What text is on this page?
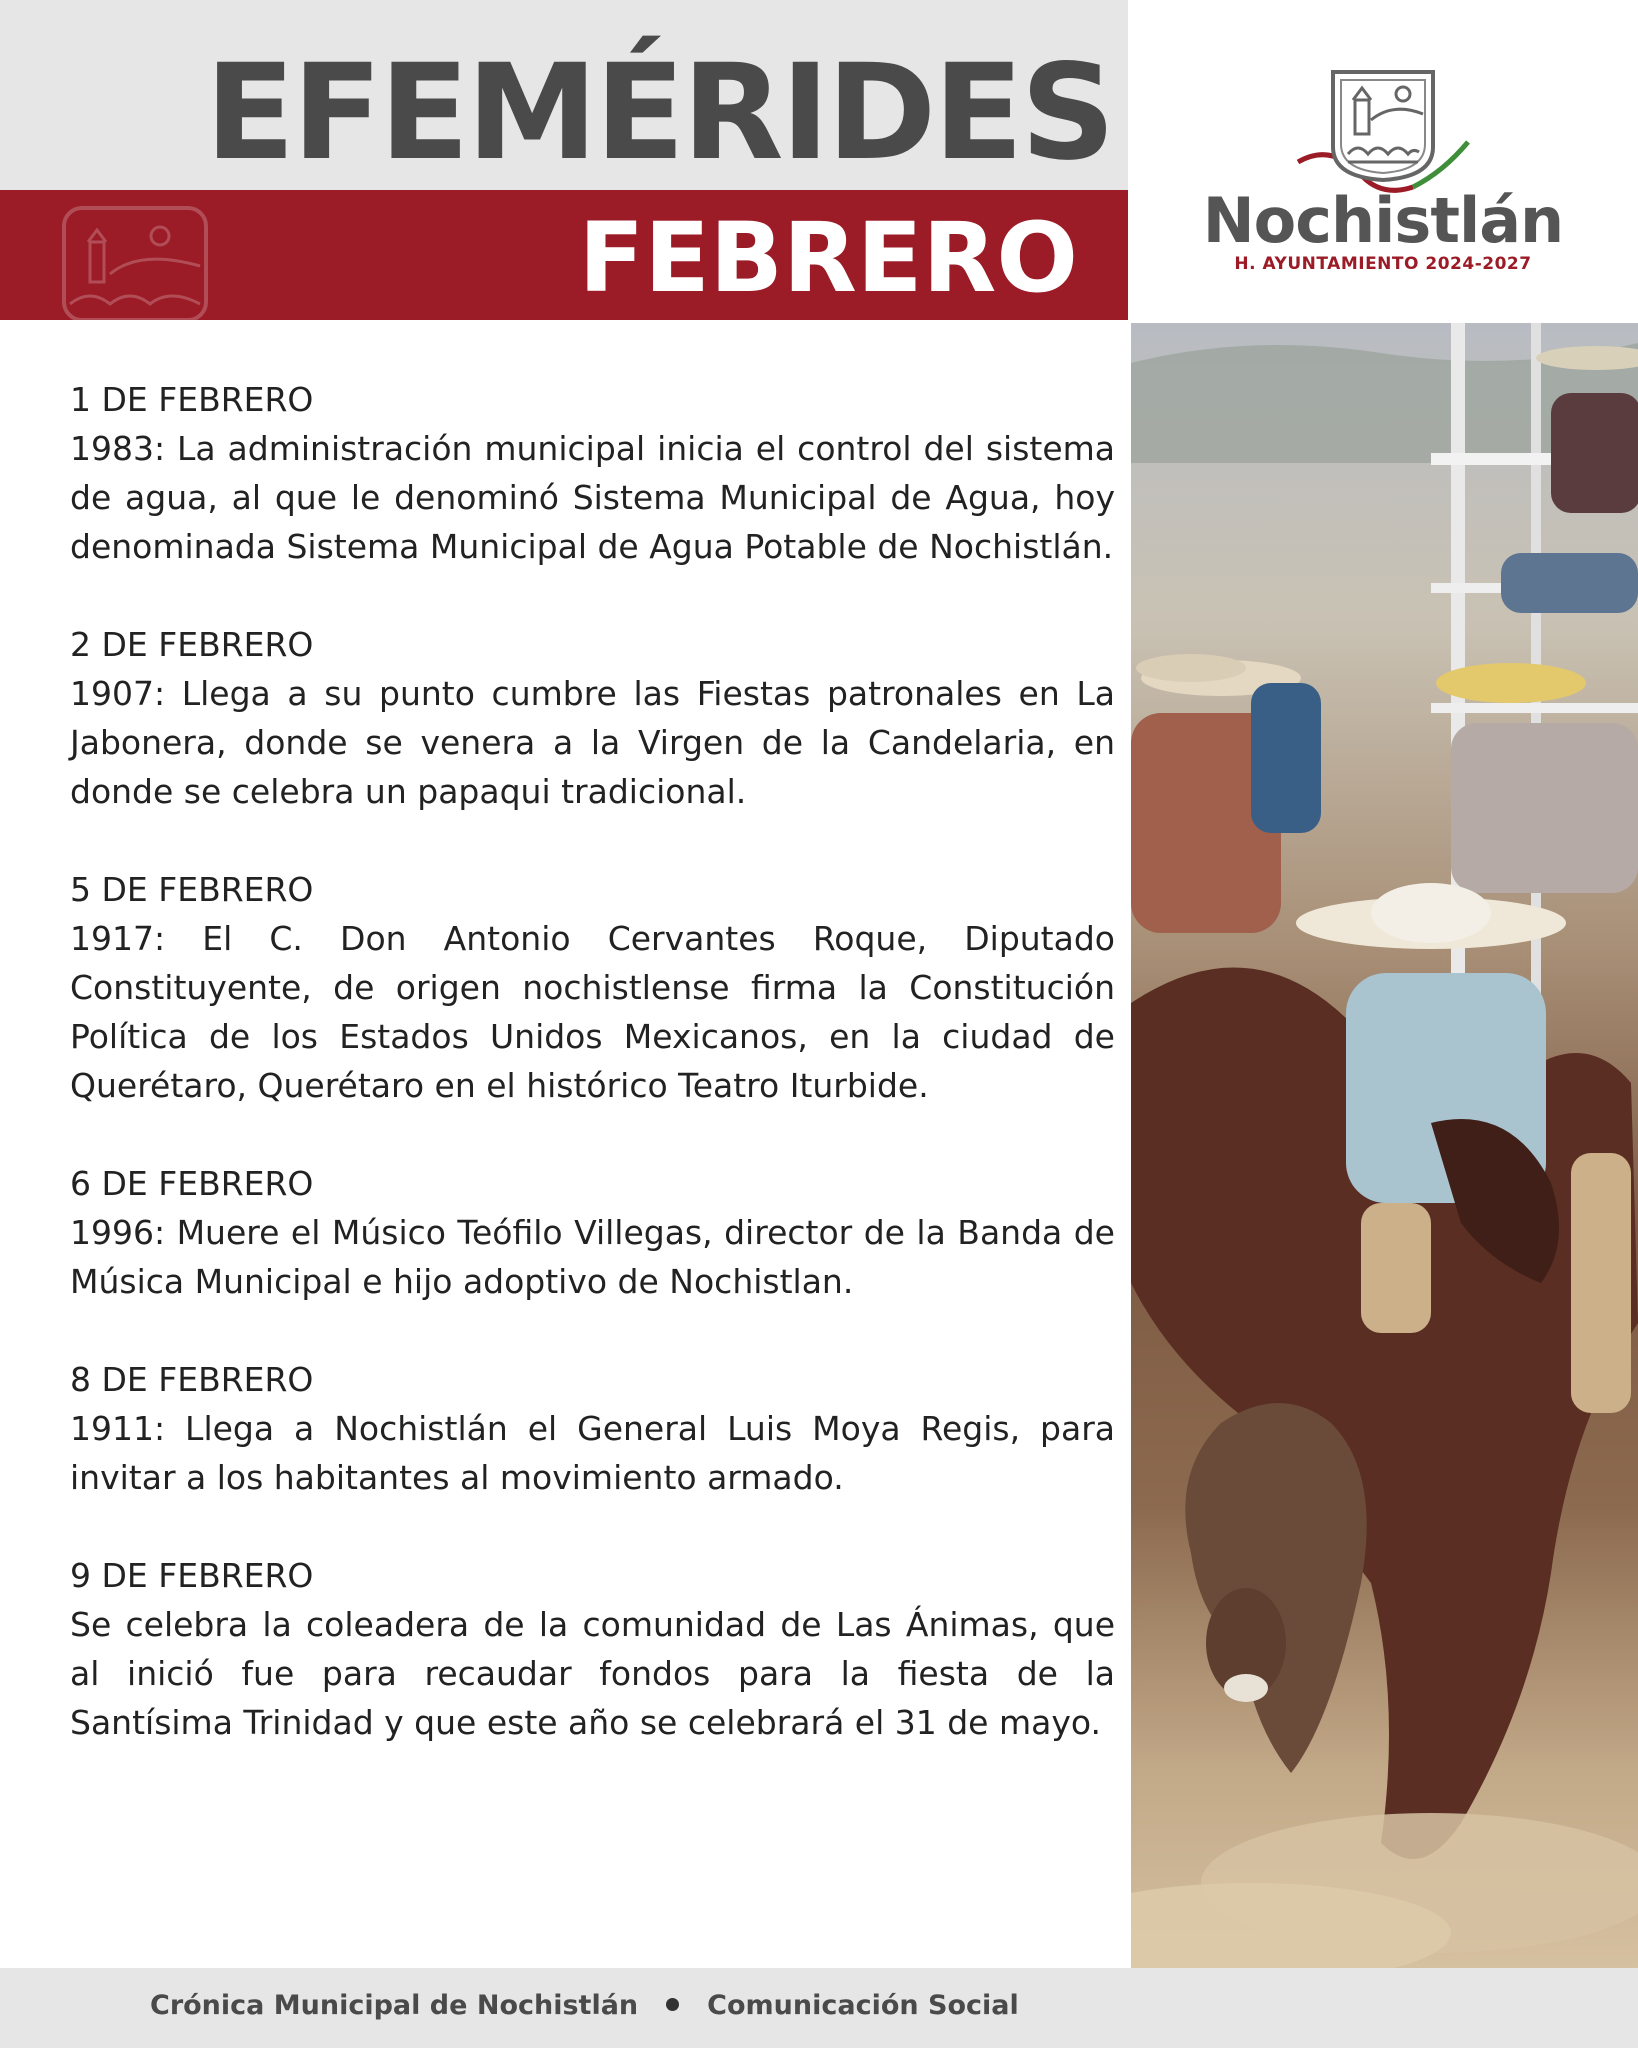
EFEMÉRIDES
FEBRERO	Nochistlán
H. AYUNTAMIENTO 2024-2027
1 DE FEBRERO
1983: La administración municipal inicia el control del sistema de agua, al que le denominó Sistema Municipal de Agua, hoy denominada Sistema Municipal de Agua Potable de Nochistlán.
2 DE FEBRERO
1907: Llega a su punto cumbre las Fiestas patronales en La Jabonera, donde se venera a la Virgen de la Candelaria, en donde se celebra un papaqui tradicional.
5 DE FEBRERO
1917: El C. Don Antonio Cervantes Roque, Diputado Constituyente, de origen nochistlense firma la Constitución Política de los Estados Unidos Mexicanos, en la ciudad de Querétaro, Querétaro en el histórico Teatro Iturbide.
6 DE FEBRERO
1996: Muere el Músico Teófilo Villegas, director de la Banda de Música Municipal e hijo adoptivo de Nochistlan.
8 DE FEBRERO
1911: Llega a Nochistlán el General Luis Moya Regis, para invitar a los habitantes al movimiento armado.
9 DE FEBRERO
Se celebra la coleadera de la comunidad de Las Ánimas, que al inició fue para recaudar fondos para la fiesta de la Santísima Trinidad y que este año se celebrará el 31 de mayo.
Crónica Municipal de Nochistlán	Comunicación Social
